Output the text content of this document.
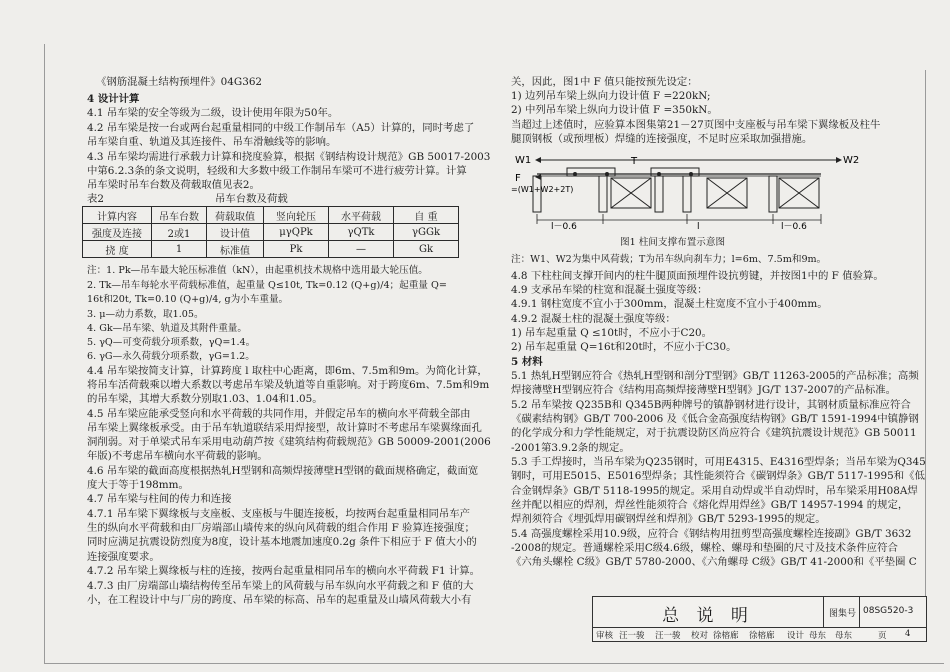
《钢筋混凝土结构预埋件》04G362
4 设计计算
4.1 吊车梁的安全等级为二级，设计使用年限为50年。
4.2 吊车梁是按一台或两台起重量相同的中级工作制吊车（A5）计算的，同时考虑了
吊车梁自重、轨道及其连接件、吊车滑触线等的影响。
4.3 吊车梁均需进行承载力计算和挠度验算，根据《钢结构设计规范》GB 50017-2003
中第6.2.3条的条文说明，轻级和大多数中级工作制吊车梁可不进行疲劳计算。计算
吊车梁时吊车台数及荷载取值见表2。
表2	吊车台数及荷载
计算内容	吊车台数	荷载取值	竖向轮压	水平荷载	自 重
强度及连接	2或1	设计值	μγQPk	γQTk	γGGk
挠 度	1	标准值	Pk	—	Gk
注：1. Pk—吊车最大轮压标准值（kN），由起重机技术规格中选用最大轮压值。
2. Tk—吊车每轮水平荷载标准值，起重量 Q≤10t, Tk=0.12 (Q+g)/4；起重量 Q=
16t和20t, Tk=0.10 (Q+g)/4, g为小车重量。
3. μ—动力系数，取1.05。
4. Gk—吊车梁、轨道及其附件重量。
5. γQ—可变荷载分项系数，γQ=1.4。
6. γG—永久荷载分项系数，γG=1.2。
4.4 吊车梁按简支计算，计算跨度 l 取柱中心距离，即6m、7.5m和9m。为简化计算，
将吊车活荷载乘以增大系数以考虑吊车梁及轨道等自重影响。对于跨度6m、7.5m和9m
的吊车梁，其增大系数分别取1.03、1.04和1.05。
4.5 吊车梁应能承受竖向和水平荷载的共同作用，并假定吊车的横向水平荷载全部由
吊车梁上翼缘板承受。由于吊车轨道联结采用焊接型，故计算时不考虑吊车梁翼缘面孔
洞削弱。对于单梁式吊车采用电动葫芦按《建筑结构荷载规范》GB 50009-2001(2006
年版)不考虑吊车横向水平荷载的影响。
4.6 吊车梁的截面高度根据热轧H型钢和高频焊接薄壁H型钢的截面规格确定，截面宽
度大于等于198mm。
4.7 吊车梁与柱间的传力和连接
4.7.1 吊车梁下翼缘板与支座板、支座板与牛腿连接板，均按两台起重量相同吊车产
生的纵向水平荷载和由厂房端部山墙传来的纵向风荷载的组合作用 F 验算连接强度；
同时应满足抗震设防烈度为8度，设计基本地震加速度0.2g 条件下相应于 F 值大小的
连接强度要求。
4.7.2 吊车梁上翼缘板与柱的连接，按两台起重量相同吊车的横向水平荷载 F1 计算。
4.7.3 由厂房端部山墙结构传至吊车梁上的风荷载与吊车纵向水平荷载之和 F 值的大
小，在工程设计中与厂房的跨度、吊车梁的标高、吊车的起重量及山墙风荷载大小有
关，因此，图1中 F 值只能按预先设定：
1) 边列吊车梁上纵向力设计值 F =220kN;
2) 中列吊车梁上纵向力设计值 F =350kN。
当超过上述值时，应验算本图集第21－27页图中支座板与吊车梁下翼缘板及柱牛
腿顶钢板（或预埋板）焊缝的连接强度，不足时应采取加强措施。
W1	W2
T
F
=(W1+W2+2T)
l－0.6	l	l－0.6
图1 柱间支撑布置示意图
注：W1、W2为集中风荷载；T为吊车纵向刹车力；l=6m、7.5m和9m。
4.8 下柱柱间支撑开间内的柱牛腿顶面预埋件设抗剪键，并按图1中的 F 值验算。
4.9 支承吊车梁的柱宽和混凝土强度等级：
4.9.1 钢柱宽度不宜小于300mm，混凝土柱宽度不宜小于400mm。
4.9.2 混凝土柱的混凝土强度等级：
1) 吊车起重量 Q ≤10t时，不应小于C20。
2) 吊车起重量 Q=16t和20t时，不应小于C30。
5 材料
5.1 热轧H型钢应符合《热轧H型钢和剖分T型钢》GB/T 11263-2005的产品标准；高频
焊接薄壁H型钢应符合《结构用高频焊接薄壁H型钢》JG/T 137-2007的产品标准。
5.2 吊车梁按 Q235B和 Q345B两种牌号的镇静钢材进行设计，其钢材质量标准应符合
《碳素结构钢》GB/T 700-2006 及《低合金高强度结构钢》GB/T 1591-1994中镇静钢
的化学成分和力学性能规定，对于抗震设防区尚应符合《建筑抗震设计规范》GB 50011
-2001第3.9.2条的规定。
5.3 手工焊接时，当吊车梁为Q235钢时，可用E4315、E4316型焊条；当吊车梁为Q345
钢时，可用E5015、E5016型焊条；其性能须符合《碳钢焊条》GB/T 5117-1995和《低
合金钢焊条》GB/T 5118-1995的规定。采用自动焊或半自动焊时，吊车梁采用H08A焊
丝并配以相应的焊剂，焊丝性能须符合《熔化焊用焊丝》GB/T 14957-1994 的规定，
焊剂须符合《埋弧焊用碳钢焊丝和焊剂》GB/T 5293-1995的规定。
5.4 高强度螺栓采用10.9级，应符合《钢结构用扭剪型高强度螺栓连接副》GB/T 3632
-2008的规定。普通螺栓采用C级4.6级，螺栓、螺母和垫圈的尺寸及技术条件应符合
《六角头螺栓 C级》GB/T 5780-2000、《六角螺母 C级》GB/T 41-2000和《平垫圈 C
总 说 明	图集号 08SG520-3
审核 汪一骏 汪一骏 校对 徐榕廊 徐榕廊 设计 母东 母东	页 4
